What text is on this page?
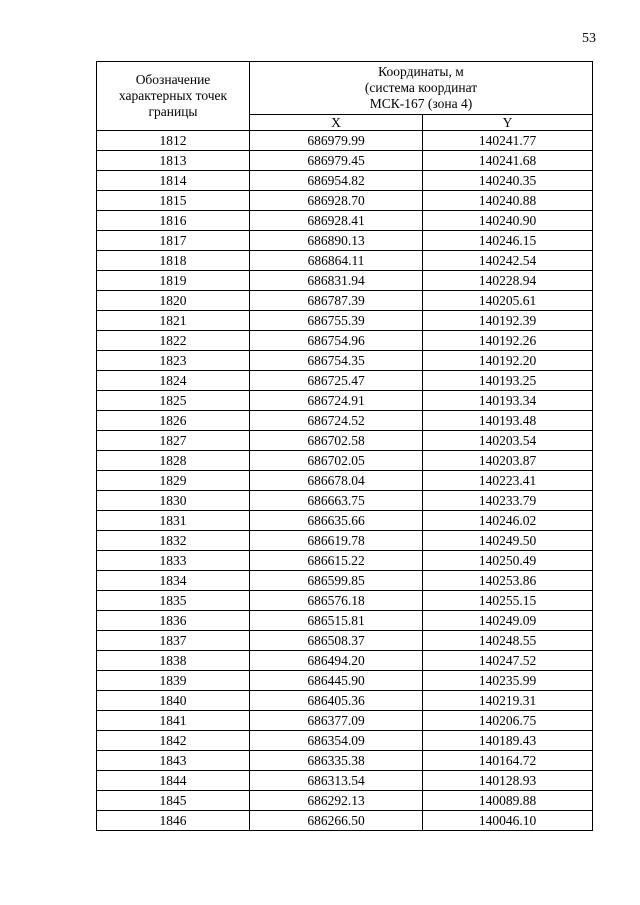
53
Обозначение
характерных точек
границы	Координаты, м
(система координат
МСК-167 (зона 4)	

	X	Y
1812	686979.99	140241.77
1813	686979.45	140241.68
1814	686954.82	140240.35
1815	686928.70	140240.88
1816	686928.41	140240.90
1817	686890.13	140246.15
1818	686864.11	140242.54
1819	686831.94	140228.94
1820	686787.39	140205.61
1821	686755.39	140192.39
1822	686754.96	140192.26
1823	686754.35	140192.20
1824	686725.47	140193.25
1825	686724.91	140193.34
1826	686724.52	140193.48
1827	686702.58	140203.54
1828	686702.05	140203.87
1829	686678.04	140223.41
1830	686663.75	140233.79
1831	686635.66	140246.02
1832	686619.78	140249.50
1833	686615.22	140250.49
1834	686599.85	140253.86
1835	686576.18	140255.15
1836	686515.81	140249.09
1837	686508.37	140248.55
1838	686494.20	140247.52
1839	686445.90	140235.99
1840	686405.36	140219.31
1841	686377.09	140206.75
1842	686354.09	140189.43
1843	686335.38	140164.72
1844	686313.54	140128.93
1845	686292.13	140089.88
1846	686266.50	140046.10
